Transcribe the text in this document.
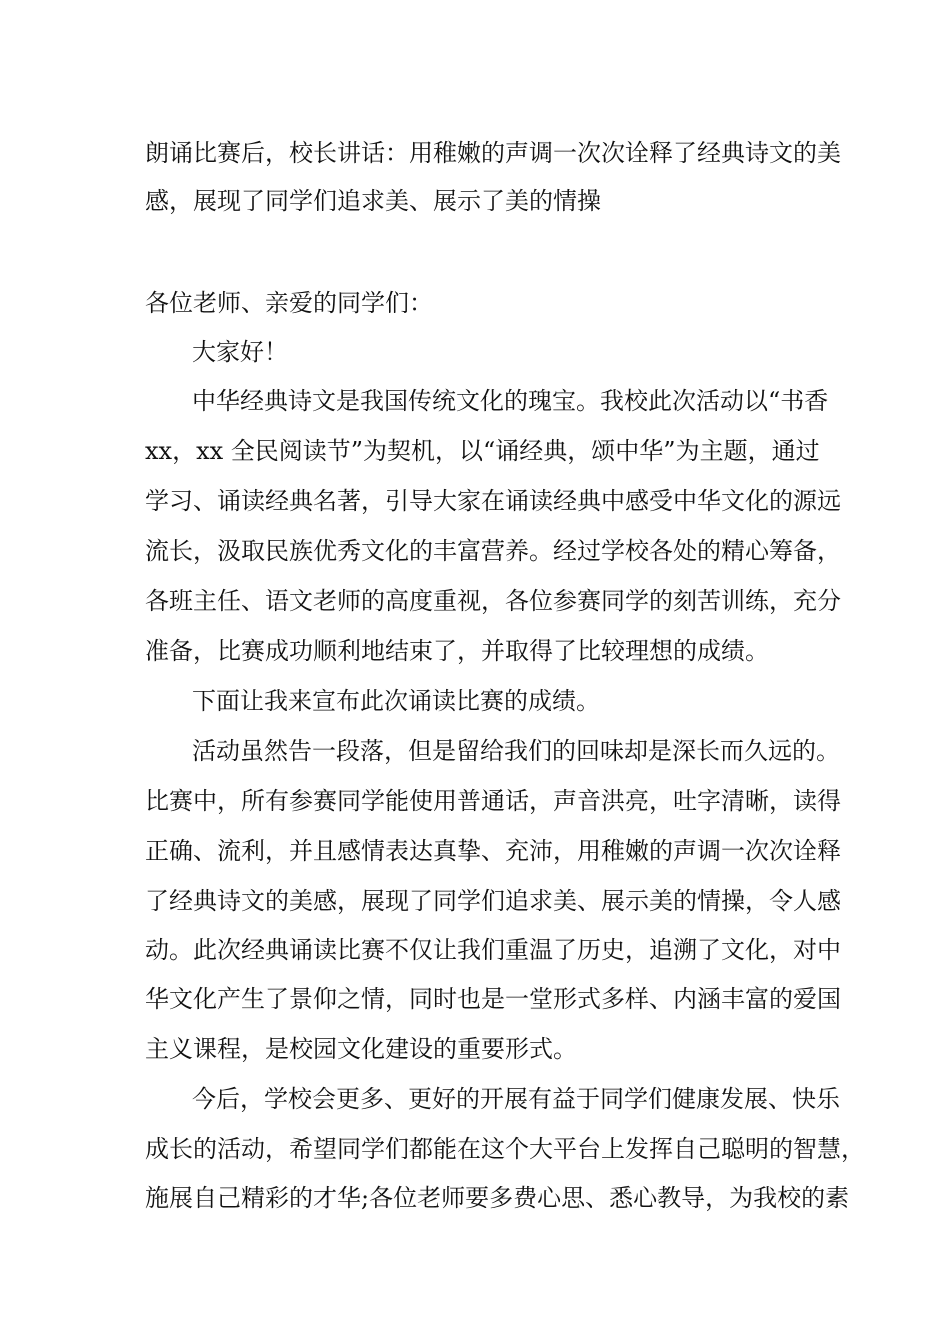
朗诵比赛后，校长讲话：用稚嫩的声调一次次诠释了经典诗文的美
感，展现了同学们追求美、展示了美的情操
各位老师、亲爱的同学们：
大家好！
中华经典诗文是我国传统文化的瑰宝。我校此次活动以“书香
xx，xx 全民阅读节”为契机，以“诵经典，颂中华”为主题，通过
学习、诵读经典名著，引导大家在诵读经典中感受中华文化的源远
流长，汲取民族优秀文化的丰富营养。经过学校各处的精心筹备，
各班主任、语文老师的高度重视，各位参赛同学的刻苦训练，充分
准备，比赛成功顺利地结束了，并取得了比较理想的成绩。
下面让我来宣布此次诵读比赛的成绩。
活动虽然告一段落，但是留给我们的回味却是深长而久远的。
比赛中，所有参赛同学能使用普通话，声音洪亮，吐字清晰，读得
正确、流利，并且感情表达真挚、充沛，用稚嫩的声调一次次诠释
了经典诗文的美感，展现了同学们追求美、展示美的情操，令人感
动。此次经典诵读比赛不仅让我们重温了历史，追溯了文化，对中
华文化产生了景仰之情，同时也是一堂形式多样、内涵丰富的爱国
主义课程，是校园文化建设的重要形式。
今后，学校会更多、更好的开展有益于同学们健康发展、快乐
成长的活动，希望同学们都能在这个大平台上发挥自己聪明的智慧，
施展自己精彩的才华;各位老师要多费心思、悉心教导，为我校的素
